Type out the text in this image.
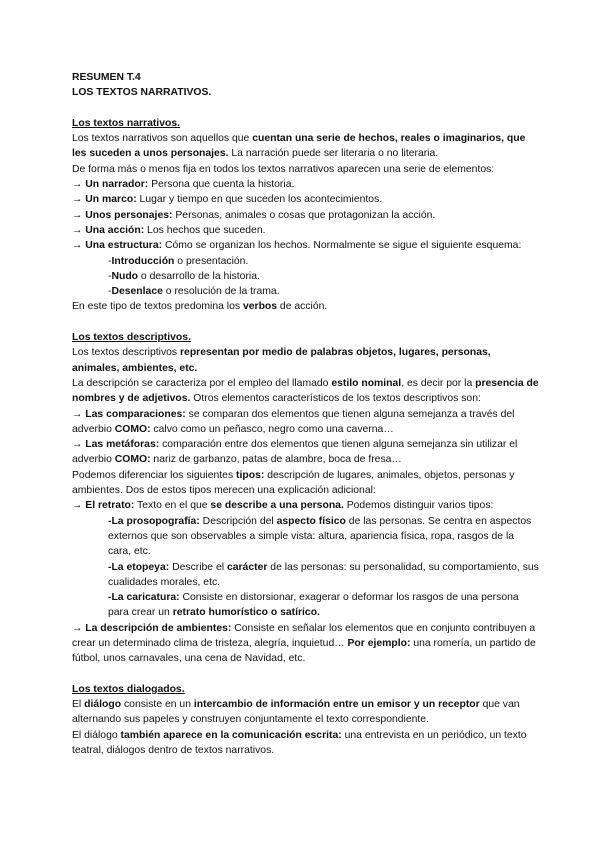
RESUMEN T.4

LOS TEXTOS NARRATIVOS.

Los textos narrativos.

Los textos narrativos son aquellos que cuentan una serie de hechos, reales o imaginarios, que les suceden a unos personajes. La narración puede ser literaria o no literaria.

De forma más o menos fija en todos los textos narrativos aparecen una serie de elementos:

→ Un narrador: Persona que cuenta la historia.

→ Un marco: Lugar y tiempo en que suceden los acontecimientos.

→ Unos personajes: Personas, animales o cosas que protagonizan la acción.

→ Una acción: Los hechos que suceden.

→ Una estructura: Cómo se organizan los hechos. Normalmente se sigue el siguiente esquema:

-Introducción o presentación.

-Nudo o desarrollo de la historia.

-Desenlace o resolución de la trama.

En este tipo de textos predomina los verbos de acción.

Los textos descriptivos.

Los textos descriptivos representan por medio de palabras objetos, lugares, personas, animales, ambientes, etc.

La descripción se caracteriza por el empleo del llamado estilo nominal, es decir por la presencia de nombres y de adjetivos. Otros elementos característicos de los textos descriptivos son:

→ Las comparaciones: se comparan dos elementos que tienen alguna semejanza a través del adverbio COMO: calvo como un peñasco, negro como una caverna…

→ Las metáforas: comparación entre dos elementos que tienen alguna semejanza sin utilizar el adverbio COMO: nariz de garbanzo, patas de alambre, boca de fresa…

Podemos diferenciar los siguientes tipos: descripción de lugares, animales, objetos, personas y ambientes. Dos de estos tipos merecen una explicación adicional:

→ El retrato: Texto en el que se describe a una persona. Podemos distinguir varios tipos:

-La prosopografía: Descripción del aspecto físico de las personas. Se centra en aspectos externos que son observables a simple vista: altura, apariencia física, ropa, rasgos de la cara, etc.

-La etopeya: Describe el carácter de las personas: su personalidad, su comportamiento, sus cualidades morales, etc.

-La caricatura: Consiste en distorsionar, exagerar o deformar los rasgos de una persona para crear un retrato humorístico o satírico.

→ La descripción de ambientes: Consiste en señalar los elementos que en conjunto contribuyen a crear un determinado clima de tristeza, alegría, inquietud… Por ejemplo: una romería, un partido de fútbol, unos carnavales, una cena de Navidad, etc.

Los textos dialogados.

El diálogo consiste en un intercambio de información entre un emisor y un receptor que van alternando sus papeles y construyen conjuntamente el texto correspondiente.

El diálogo también aparece en la comunicación escrita: una entrevista en un periódico, un texto teatral, diálogos dentro de textos narrativos.
